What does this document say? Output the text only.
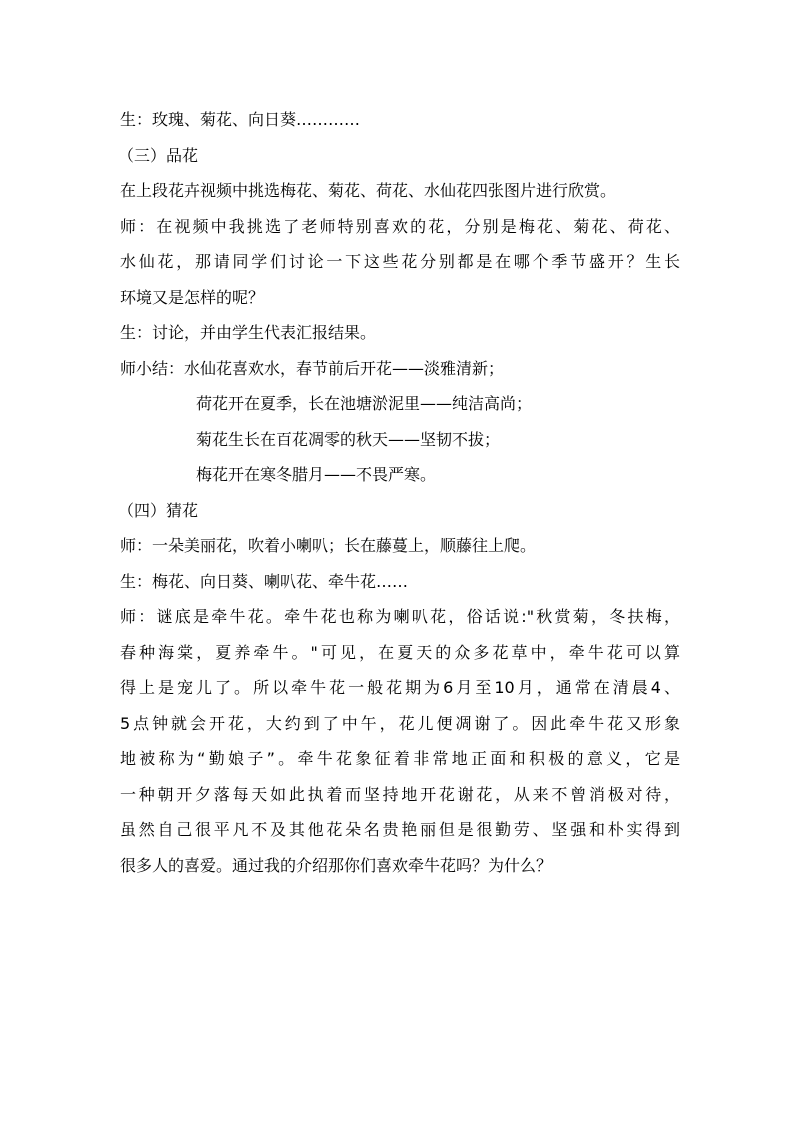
生：玫瑰、菊花、向日葵…………
（三）品花
在上段花卉视频中挑选梅花、菊花、荷花、水仙花四张图片进行欣赏。
师：在视频中我挑选了老师特别喜欢的花，分别是梅花、菊花、荷花、
水仙花，那请同学们讨论一下这些花分别都是在哪个季节盛开？生长
环境又是怎样的呢？
生：讨论，并由学生代表汇报结果。
师小结：水仙花喜欢水，春节前后开花——淡雅清新；
荷花开在夏季，长在池塘淤泥里——纯洁高尚；
菊花生长在百花凋零的秋天——坚韧不拔；
梅花开在寒冬腊月——不畏严寒。
（四）猜花
师：一朵美丽花，吹着小喇叭；长在藤蔓上，顺藤往上爬。
生：梅花、向日葵、喇叭花、牵牛花……
师：谜底是牵牛花。牵牛花也称为喇叭花，俗话说:"秋赏菊，冬扶梅，
春种海棠，夏养牵牛。"可见，在夏天的众多花草中，牵牛花可以算
得上是宠儿了。所以牵牛花一般花期为6月至10月，通常在清晨4、
5点钟就会开花，大约到了中午，花儿便凋谢了。因此牵牛花又形象
地被称为“勤娘子”。牵牛花象征着非常地正面和积极的意义，它是
一种朝开夕落每天如此执着而坚持地开花谢花，从来不曾消极对待，
虽然自己很平凡不及其他花朵名贵艳丽但是很勤劳、坚强和朴实得到
很多人的喜爱。通过我的介绍那你们喜欢牵牛花吗？为什么？
